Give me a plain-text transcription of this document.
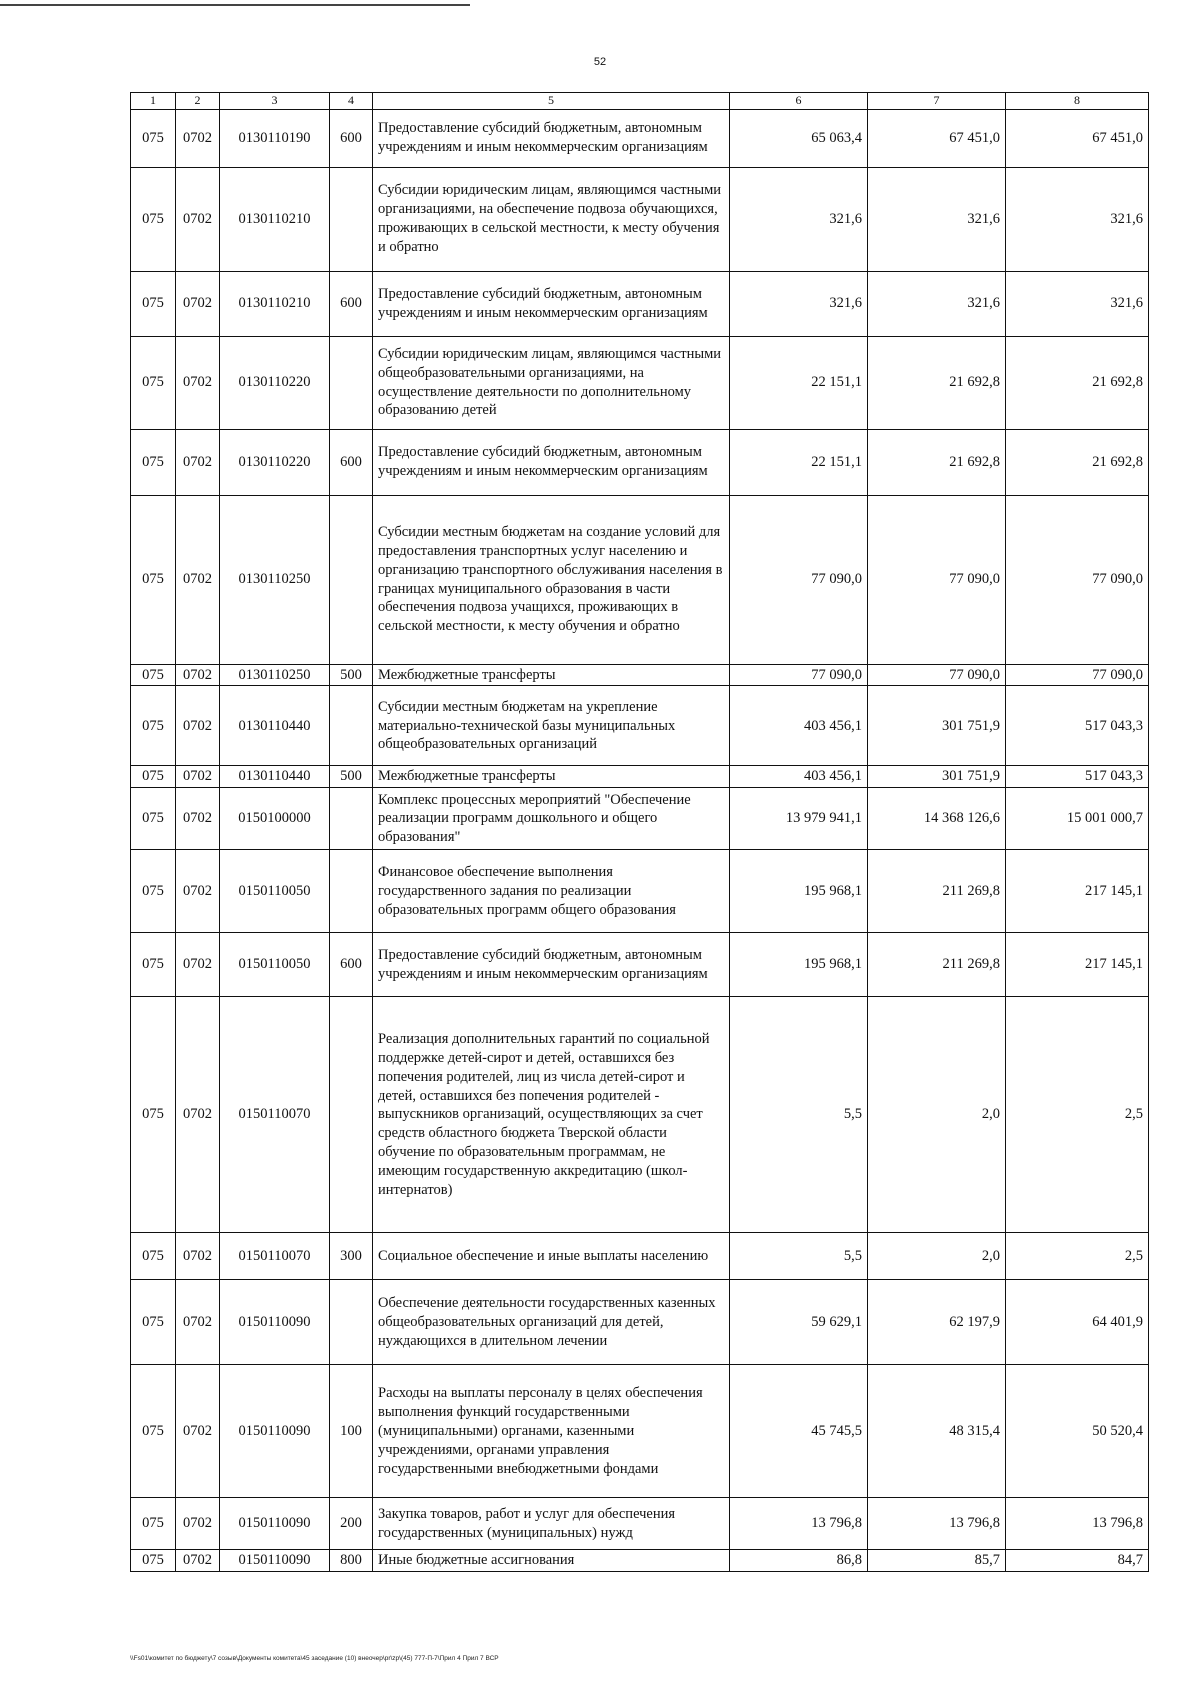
52
1	2	3	4	5	6	7	8
075	0702	0130110190	600	Предоставление субсидий бюджетным, автономным учреждениям и иным некоммерческим организациям	65 063,4	67 451,0	67 451,0
075	0702	0130110210		Субсидии юридическим лицам, являющимся частными организациями, на обеспечение подвоза обучающихся, проживающих в сельской местности, к месту обучения и обратно	321,6	321,6	321,6
075	0702	0130110210	600	Предоставление субсидий бюджетным, автономным учреждениям и иным некоммерческим организациям	321,6	321,6	321,6
075	0702	0130110220		Субсидии юридическим лицам, являющимся частными общеобразовательными организациями, на осуществление деятельности по дополнительному образованию детей	22 151,1	21 692,8	21 692,8
075	0702	0130110220	600	Предоставление субсидий бюджетным, автономным учреждениям и иным некоммерческим организациям	22 151,1	21 692,8	21 692,8
075	0702	0130110250		Субсидии местным бюджетам на создание условий для предоставления транспортных услуг населению и организацию транспортного обслуживания населения в границах муниципального образования в части обеспечения подвоза учащихся, проживающих в сельской местности, к месту обучения и обратно	77 090,0	77 090,0	77 090,0
075	0702	0130110250	500	Межбюджетные трансферты	77 090,0	77 090,0	77 090,0
075	0702	0130110440		Субсидии местным бюджетам на укрепление материально-технической базы муниципальных общеобразовательных организаций	403 456,1	301 751,9	517 043,3
075	0702	0130110440	500	Межбюджетные трансферты	403 456,1	301 751,9	517 043,3
075	0702	0150100000		Комплекс процессных мероприятий "Обеспечение реализации программ дошкольного и общего образования"	13 979 941,1	14 368 126,6	15 001 000,7
075	0702	0150110050		Финансовое обеспечение выполнения государственного задания по реализации образовательных программ общего образования	195 968,1	211 269,8	217 145,1
075	0702	0150110050	600	Предоставление субсидий бюджетным, автономным учреждениям и иным некоммерческим организациям	195 968,1	211 269,8	217 145,1
075	0702	0150110070		Реализация дополнительных гарантий по социальной поддержке детей-сирот и детей, оставшихся без попечения родителей, лиц из числа детей-сирот и детей, оставшихся без попечения родителей - выпускников организаций, осуществляющих за счет средств областного бюджета Тверской области обучение по образовательным программам, не имеющим государственную аккредитацию (школ-интернатов)	5,5	2,0	2,5
075	0702	0150110070	300	Социальное обеспечение и иные выплаты населению	5,5	2,0	2,5
075	0702	0150110090		Обеспечение деятельности государственных казенных общеобразовательных организаций для детей, нуждающихся в длительном лечении	59 629,1	62 197,9	64 401,9
075	0702	0150110090	100	Расходы на выплаты персоналу в целях обеспечения выполнения функций государственными (муниципальными) органами, казенными учреждениями, органами управления государственными внебюджетными фондами	45 745,5	48 315,4	50 520,4
075	0702	0150110090	200	Закупка товаров, работ и услуг для обеспечения государственных (муниципальных) нужд	13 796,8	13 796,8	13 796,8
075	0702	0150110090	800	Иные бюджетные ассигнования	86,8	85,7	84,7
\\Fs01\комитет по бюджету\7 созыв\Документы комитета\45 заседание (10) внеочер\pr\zp\(45) 777-П-7\Прил 4 Прил 7 ВСР
